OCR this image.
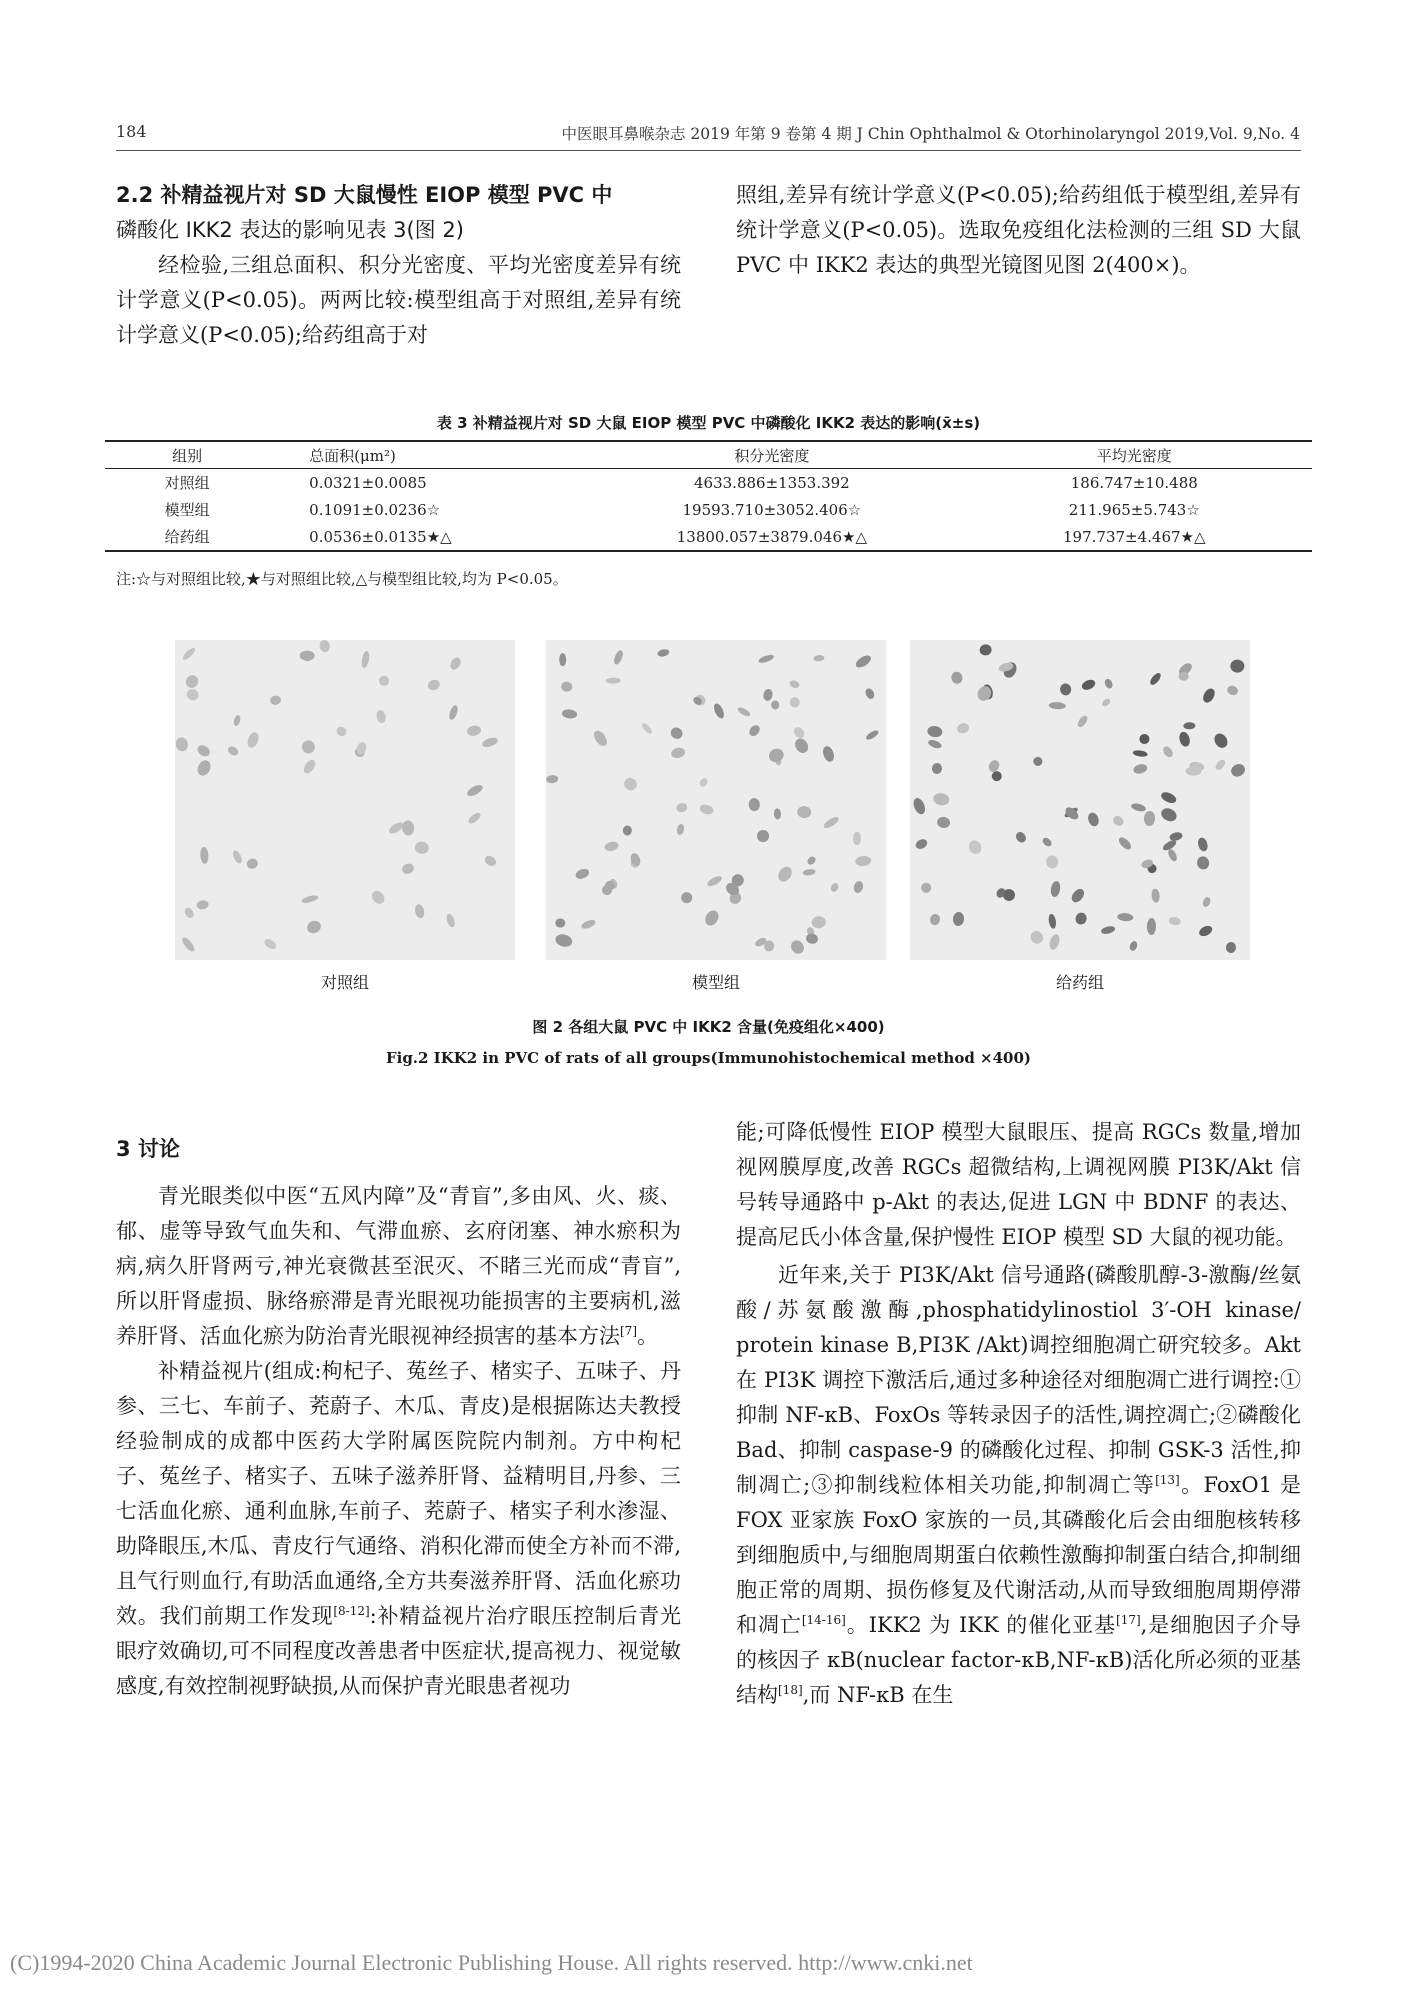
184	中医眼耳鼻喉杂志 2019 年第 9 卷第 4 期 J Chin Ophthalmol & Otorhinolaryngol 2019,Vol. 9,No. 4

2.2 补精益视片对 SD 大鼠慢性 EIOP 模型 PVC 中

磷酸化 IKK2 表达的影响见表 3(图 2)

经检验,三组总面积、积分光密度、平均光密度差异有统计学意义(P<0.05)。两两比较:模型组高于对照组,差异有统计学意义(P<0.05);给药组高于对

照组,差异有统计学意义(P<0.05);给药组低于模型组,差异有统计学意义(P<0.05)。选取免疫组化法检测的三组 SD 大鼠 PVC 中 IKK2 表达的典型光镜图见图 2(400×)。

表 3 补精益视片对 SD 大鼠 EIOP 模型 PVC 中磷酸化 IKK2 表达的影响(x̄±s)
组别	总面积(μm²)	积分光密度	平均光密度
对照组	0.0321±0.0085	4633.886±1353.392	186.747±10.488
模型组	0.1091±0.0236☆	19593.710±3052.406☆	211.965±5.743☆
给药组	0.0536±0.0135★△	13800.057±3879.046★△	197.737±4.467★△
注:☆与对照组比较,★与对照组比较,△与模型组比较,均为 P<0.05。
对照组	模型组	给药组
图 2 各组大鼠 PVC 中 IKK2 含量(免疫组化×400)
Fig.2 IKK2 in PVC of rats of all groups(Immunohistochemical method ×400)

3 讨论

青光眼类似中医“五风内障”及“青盲”,多由风、火、痰、郁、虚等导致气血失和、气滞血瘀、玄府闭塞、神水瘀积为病,病久肝肾两亏,神光衰微甚至泯灭、不睹三光而成“青盲”,所以肝肾虚损、脉络瘀滞是青光眼视功能损害的主要病机,滋养肝肾、活血化瘀为防治青光眼视神经损害的基本方法[7]。

补精益视片(组成:枸杞子、菟丝子、楮实子、五味子、丹参、三七、车前子、茺蔚子、木瓜、青皮)是根据陈达夫教授经验制成的成都中医药大学附属医院院内制剂。方中枸杞子、菟丝子、楮实子、五味子滋养肝肾、益精明目,丹参、三七活血化瘀、通利血脉,车前子、茺蔚子、楮实子利水渗湿、助降眼压,木瓜、青皮行气通络、消积化滞而使全方补而不滞,且气行则血行,有助活血通络,全方共奏滋养肝肾、活血化瘀功效。我们前期工作发现[8-12]:补精益视片治疗眼压控制后青光眼疗效确切,可不同程度改善患者中医症状,提高视力、视觉敏感度,有效控制视野缺损,从而保护青光眼患者视功

能;可降低慢性 EIOP 模型大鼠眼压、提高 RGCs 数量,增加视网膜厚度,改善 RGCs 超微结构,上调视网膜 PI3K/Akt 信号转导通路中 p-Akt 的表达,促进 LGN 中 BDNF 的表达、提高尼氏小体含量,保护慢性 EIOP 模型 SD 大鼠的视功能。

近年来,关于 PI3K/Akt 信号通路(磷酸肌醇-3-激酶/丝氨酸/苏氨酸激酶,phosphatidylinostiol 3′-OH kinase/ protein kinase B,PI3K /Akt)调控细胞凋亡研究较多。Akt 在 PI3K 调控下激活后,通过多种途径对细胞凋亡进行调控:①抑制 NF-κB、FoxOs 等转录因子的活性,调控凋亡;②磷酸化 Bad、抑制 caspase-9 的磷酸化过程、抑制 GSK-3 活性,抑制凋亡;③抑制线粒体相关功能,抑制凋亡等[13]。FoxO1 是 FOX 亚家族 FoxO 家族的一员,其磷酸化后会由细胞核转移到细胞质中,与细胞周期蛋白依赖性激酶抑制蛋白结合,抑制细胞正常的周期、损伤修复及代谢活动,从而导致细胞周期停滞和凋亡[14-16]。IKK2 为 IKK 的催化亚基[17],是细胞因子介导的核因子 κB(nuclear factor-κB,NF-κB)活化所必须的亚基结构[18],而 NF-κB 在生

(C)1994-2020 China Academic Journal Electronic Publishing House. All rights reserved. http://www.cnki.net
